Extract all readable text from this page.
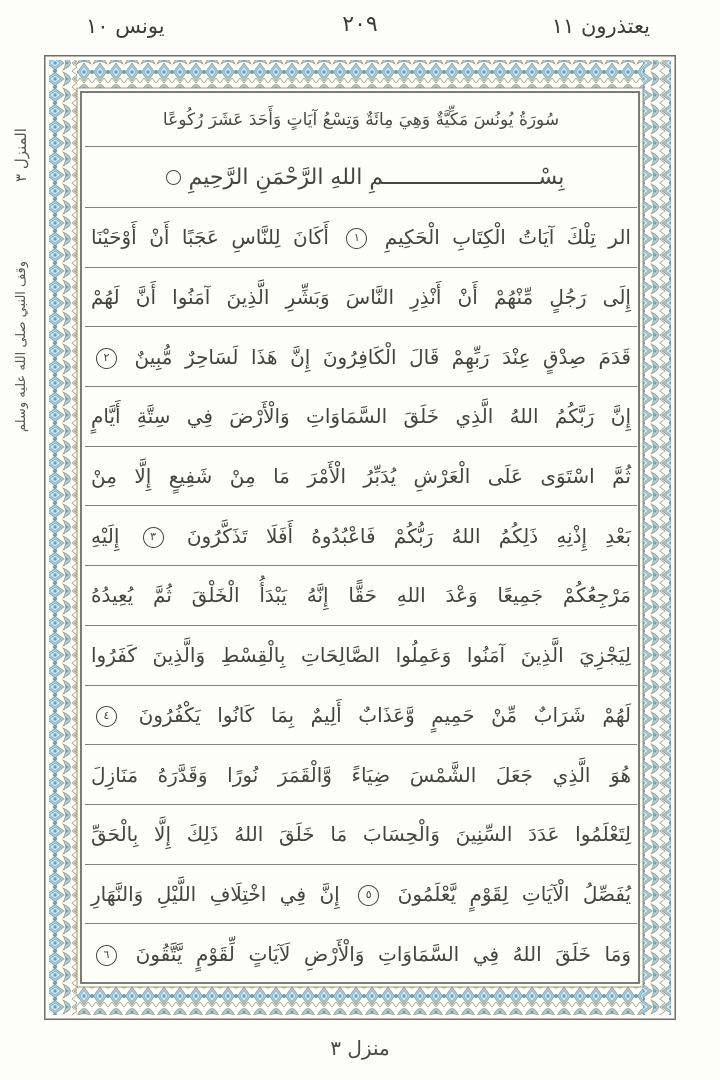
يعتذرون ١١
٢٠٩
يونس ١٠
المنزل ٣
وقف النبي صلى الله عليه وسلم
سُورَةُ يُونُسَ مَكِّيَّةٌ وَهِيَ مِائَةٌ وَتِسْعُ آيَاتٍ وَأَحَدَ عَشَرَ رُكُوعًا
بِسْــــــــــــــــــــــــمِ اللهِ الرَّحْمَنِ الرَّحِيمِ
الر تِلْكَ آيَاتُ الْكِتَابِ الْحَكِيمِ ١ أَكَانَ لِلنَّاسِ عَجَبًا أَنْ أَوْحَيْنَا
إِلَى رَجُلٍ مِّنْهُمْ أَنْ أَنْذِرِ النَّاسَ وَبَشِّرِ الَّذِينَ آمَنُوا أَنَّ لَهُمْ
قَدَمَ صِدْقٍ عِنْدَ رَبِّهِمْ قَالَ الْكَافِرُونَ إِنَّ هَذَا لَسَاحِرٌ مُّبِينٌ ٢
إِنَّ رَبَّكُمُ اللهُ الَّذِي خَلَقَ السَّمَاوَاتِ وَالْأَرْضَ فِي سِتَّةِ أَيَّامٍ
ثُمَّ اسْتَوَى عَلَى الْعَرْشِ يُدَبِّرُ الْأَمْرَ مَا مِنْ شَفِيعٍ إِلَّا مِنْ
بَعْدِ إِذْنِهِ ذَلِكُمُ اللهُ رَبُّكُمْ فَاعْبُدُوهُ أَفَلَا تَذَكَّرُونَ ٣ إِلَيْهِ
مَرْجِعُكُمْ جَمِيعًا وَعْدَ اللهِ حَقًّا إِنَّهُ يَبْدَأُ الْخَلْقَ ثُمَّ يُعِيدُهُ
لِيَجْزِيَ الَّذِينَ آمَنُوا وَعَمِلُوا الصَّالِحَاتِ بِالْقِسْطِ وَالَّذِينَ كَفَرُوا
لَهُمْ شَرَابٌ مِّنْ حَمِيمٍ وَّعَذَابٌ أَلِيمٌ بِمَا كَانُوا يَكْفُرُونَ ٤
هُوَ الَّذِي جَعَلَ الشَّمْسَ ضِيَاءً وَّالْقَمَرَ نُورًا وَقَدَّرَهُ مَنَازِلَ
لِتَعْلَمُوا عَدَدَ السِّنِينَ وَالْحِسَابَ مَا خَلَقَ اللهُ ذَلِكَ إِلَّا بِالْحَقِّ
يُفَصِّلُ الْآيَاتِ لِقَوْمٍ يَّعْلَمُونَ ٥ إِنَّ فِي اخْتِلَافِ اللَّيْلِ وَالنَّهَارِ
وَمَا خَلَقَ اللهُ فِي السَّمَاوَاتِ وَالْأَرْضِ لَآيَاتٍ لِّقَوْمٍ يَّتَّقُونَ ٦
منزل ٣
